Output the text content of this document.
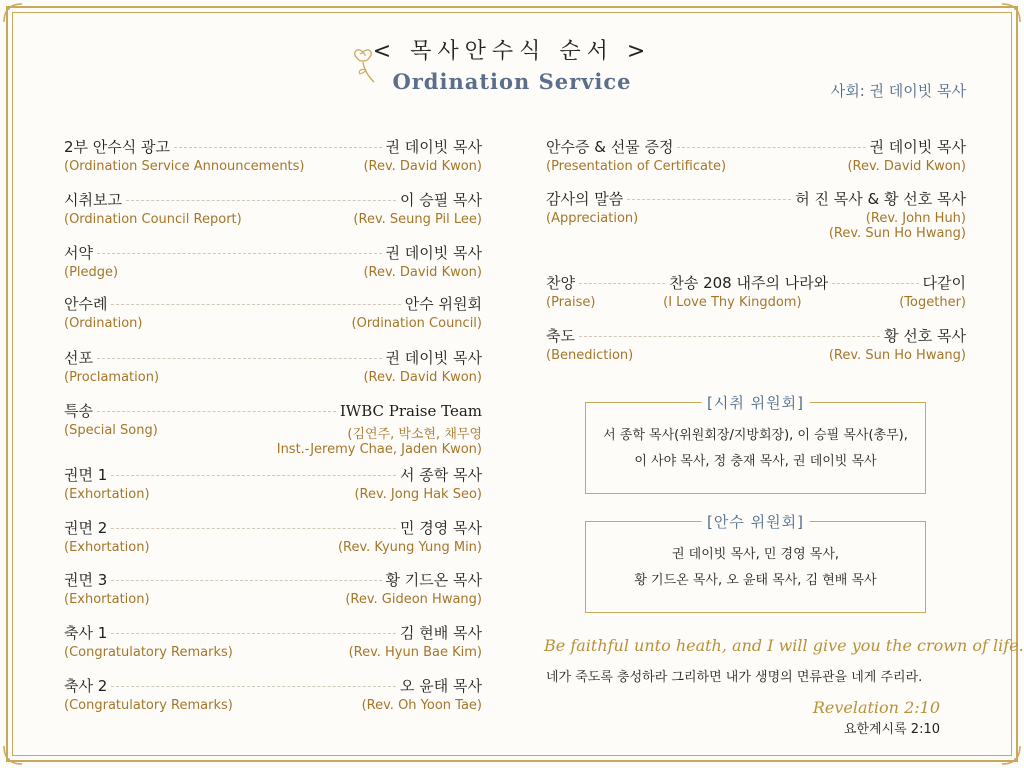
< 목사안수식 순서 >
Ordination Service	사회: 권 데이빗 목사
2부 안수식 광고	권 데이빗 목사
(Ordination Service Announcements)	(Rev. David Kwon)
시취보고	이 승필 목사
(Ordination Council Report)	(Rev. Seung Pil Lee)
서약	권 데이빗 목사
(Pledge)	(Rev. David Kwon)
안수례	안수 위원회
(Ordination)	(Ordination Council)
선포	권 데이빗 목사
(Proclamation)	(Rev. David Kwon)
특송	IWBC Praise Team
(Special Song)	(김연주, 박소현, 채무영
Inst.-Jeremy Chae, Jaden Kwon)
권면 1	서 종학 목사
(Exhortation)	(Rev. Jong Hak Seo)
권면 2	민 경영 목사
(Exhortation)	(Rev. Kyung Yung Min)
권면 3	황 기드온 목사
(Exhortation)	(Rev. Gideon Hwang)
축사 1	김 현배 목사
(Congratulatory Remarks)	(Rev. Hyun Bae Kim)
축사 2	오 윤태 목사
(Congratulatory Remarks)	(Rev. Oh Yoon Tae)
안수증 & 선물 증정	권 데이빗 목사
(Presentation of Certificate)	(Rev. David Kwon)
감사의 말씀	허 진 목사 & 황 선호 목사
(Appreciation)	(Rev. John Huh)
(Rev. Sun Ho Hwang)
찬양	찬송 208 내주의 나라와	다같이
(Praise)	(I Love Thy Kingdom)	(Together)
축도	황 선호 목사
(Benediction)	(Rev. Sun Ho Hwang)
[시취 위원회]
서 종학 목사(위원회장/지방회장), 이 승필 목사(총무),
이 사야 목사, 정 충재 목사, 권 데이빗 목사
[안수 위원회]
권 데이빗 목사, 민 경영 목사,
황 기드온 목사, 오 윤태 목사, 김 현배 목사
Be faithful unto heath, and I will give you the crown of life.
네가 죽도록 충성하라 그리하면 내가 생명의 면류관을 네게 주리라.
Revelation 2:10
요한계시록 2:10
